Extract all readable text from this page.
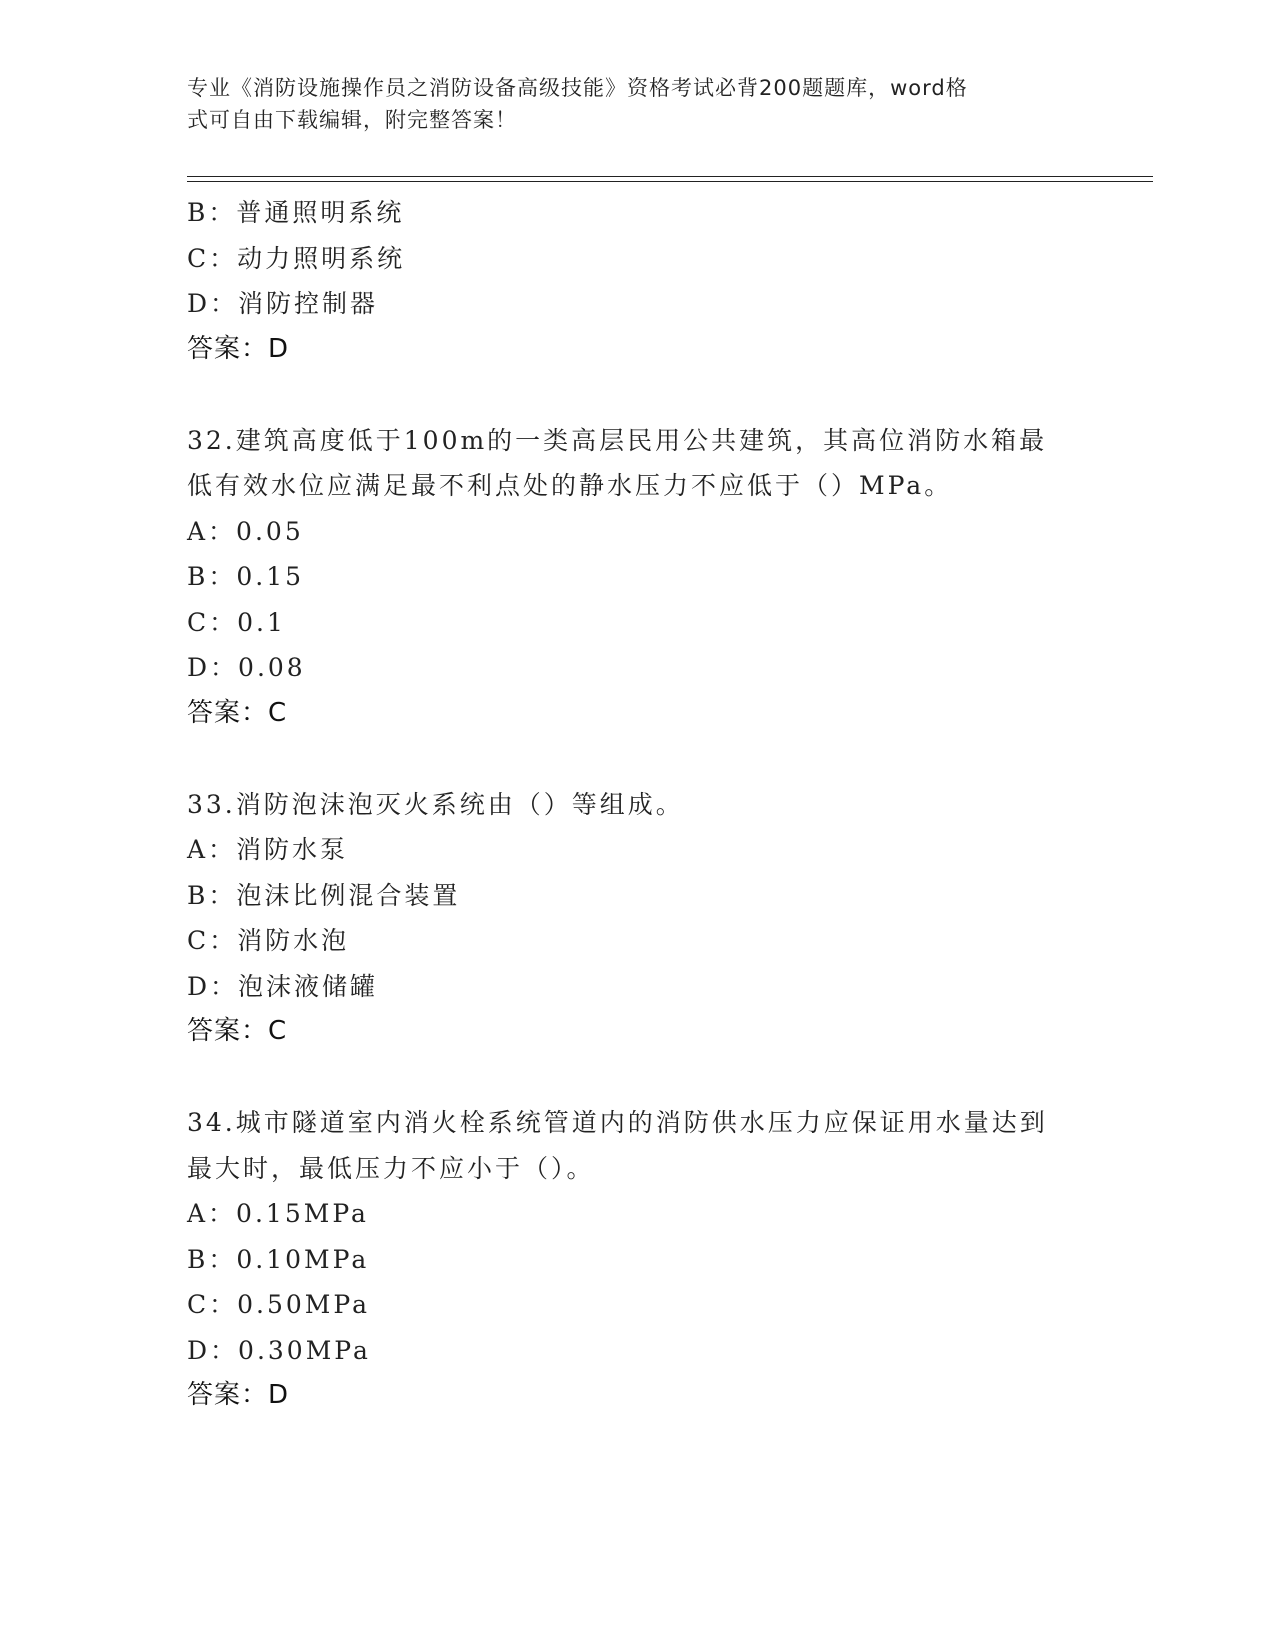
专业《消防设施操作员之消防设备高级技能》资格考试必背200题题库，word格
式可自由下载编辑，附完整答案！
B：普通照明系统
C：动力照明系统
D：消防控制器
答案：D
32.建筑高度低于100m的一类高层民用公共建筑，其高位消防水箱最
低有效水位应满足最不利点处的静水压力不应低于（）MPa。
A：0.05
B：0.15
C：0.1
D：0.08
答案：C
33.消防泡沫泡灭火系统由（）等组成。
A：消防水泵
B：泡沫比例混合装置
C：消防水泡
D：泡沫液储罐
答案：C
34.城市隧道室内消火栓系统管道内的消防供水压力应保证用水量达到
最大时，最低压力不应小于（）。
A：0.15MPa
B：0.10MPa
C：0.50MPa
D：0.30MPa
答案：D
